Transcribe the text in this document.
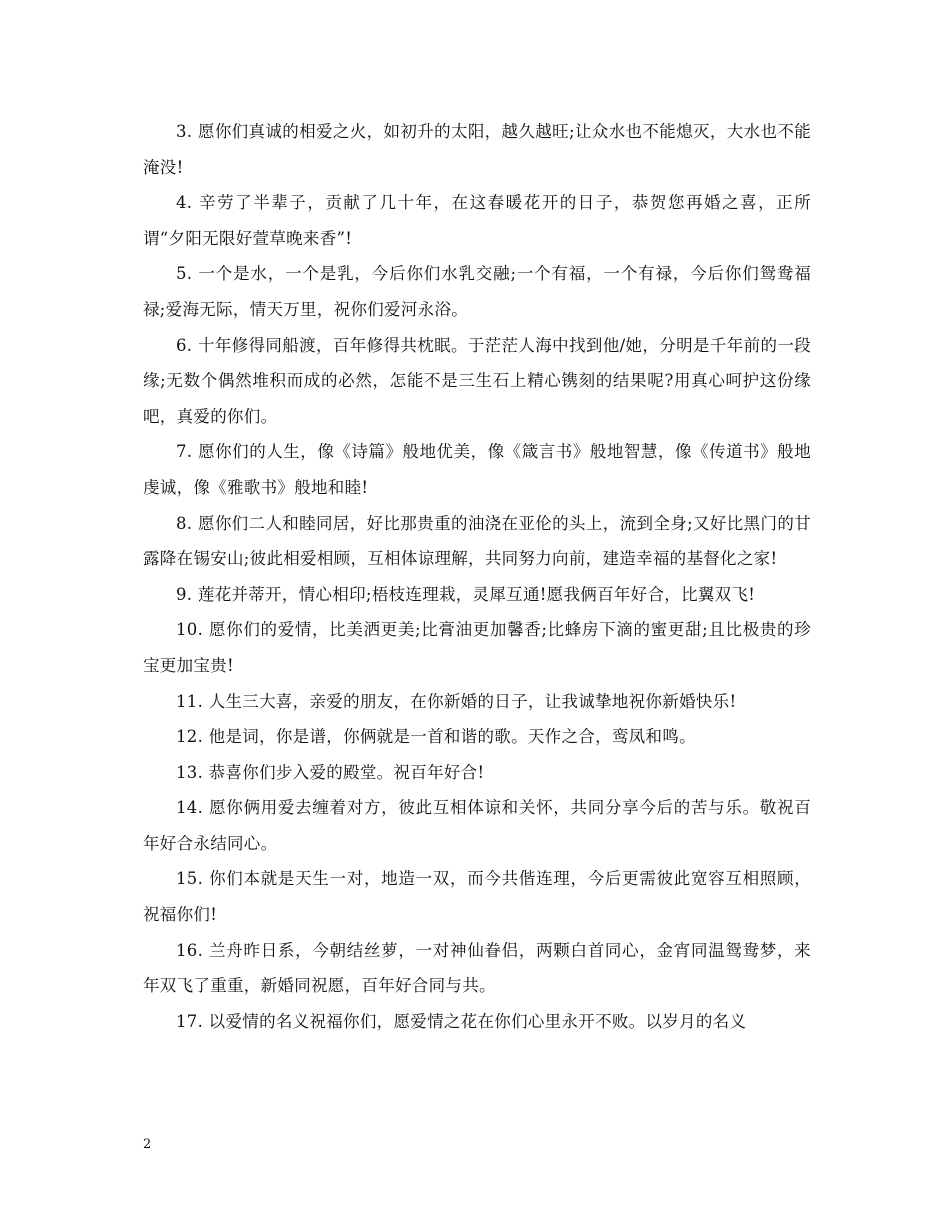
3. 愿你们真诚的相爱之火，如初升的太阳，越久越旺;让众水也不能熄灭，大水也不能淹没!

4. 辛劳了半辈子，贡献了几十年，在这春暖花开的日子，恭贺您再婚之喜，正所谓“夕阳无限好萱草晚来香”!

5. 一个是水，一个是乳，今后你们水乳交融;一个有福，一个有禄，今后你们鸳鸯福禄;爱海无际，情天万里，祝你们爱河永浴。

6. 十年修得同船渡，百年修得共枕眠。于茫茫人海中找到他/她，分明是千年前的一段缘;无数个偶然堆积而成的必然，怎能不是三生石上精心镌刻的结果呢?用真心呵护这份缘吧，真爱的你们。

7. 愿你们的人生，像《诗篇》般地优美，像《箴言书》般地智慧，像《传道书》般地虔诚，像《雅歌书》般地和睦!

8. 愿你们二人和睦同居，好比那贵重的油浇在亚伦的头上，流到全身;又好比黑门的甘露降在锡安山;彼此相爱相顾，互相体谅理解，共同努力向前，建造幸福的基督化之家!

9. 莲花并蒂开，情心相印;梧枝连理栽，灵犀互通!愿我俩百年好合，比翼双飞!

10. 愿你们的爱情，比美洒更美;比膏油更加馨香;比蜂房下滴的蜜更甜;且比极贵的珍宝更加宝贵!

11. 人生三大喜，亲爱的朋友，在你新婚的日子，让我诚挚地祝你新婚快乐!

12. 他是词，你是谱，你俩就是一首和谐的歌。天作之合，鸾凤和鸣。

13. 恭喜你们步入爱的殿堂。祝百年好合!

14. 愿你俩用爱去缠着对方，彼此互相体谅和关怀，共同分享今后的苦与乐。敬祝百年好合永结同心。

15. 你们本就是天生一对，地造一双，而今共偕连理，今后更需彼此宽容互相照顾，祝福你们!

16. 兰舟昨日系，今朝结丝萝，一对神仙眷侣，两颗白首同心，金宵同温鸳鸯梦，来年双飞了重重，新婚同祝愿，百年好合同与共。

17. 以爱情的名义祝福你们，愿爱情之花在你们心里永开不败。以岁月的名义

2
